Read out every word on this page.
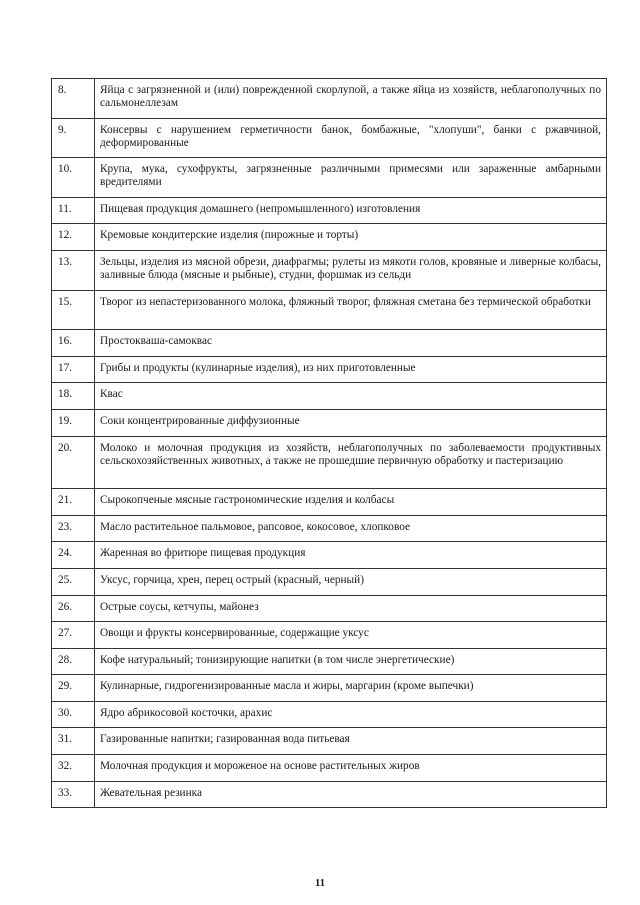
8.	Яйца с загрязненной и (или) поврежденной скорлупой, а также яйца из хозяйств, неблагополучных по сальмонеллезам
9.	Консервы с нарушением герметичности банок, бомбажные, "хлопуши", банки с ржавчиной, деформированные
10.	Крупа, мука, сухофрукты, загрязненные различными примесями или зараженные амбарными вредителями
11.	Пищевая продукция домашнего (непромышленного) изготовления
12.	Кремовые кондитерские изделия (пирожные и торты)
13.	Зельцы, изделия из мясной обрези, диафрагмы; рулеты из мякоти голов, кровяные и ливерные колбасы, заливные блюда (мясные и рыбные), студни, форшмак из сельди
15.	Творог из непастеризованного молока, фляжный творог, фляжная сметана без термической обработки
16.	Простокваша-самоквас
17.	Грибы и продукты (кулинарные изделия), из них приготовленные
18.	Квас
19.	Соки концентрированные диффузионные
20.	Молоко и молочная продукция из хозяйств, неблагополучных по заболеваемости продуктивных сельскохозяйственных животных, а также не прошедшие первичную обработку и пастеризацию
21.	Сырокопченые мясные гастрономические изделия и колбасы
23.	Масло растительное пальмовое, рапсовое, кокосовое, хлопковое
24.	Жаренная во фритюре пищевая продукция
25.	Уксус, горчица, хрен, перец острый (красный, черный)
26.	Острые соусы, кетчупы, майонез
27.	Овощи и фрукты консервированные, содержащие уксус
28.	Кофе натуральный; тонизирующие напитки (в том числе энергетические)
29.	Кулинарные, гидрогенизированные масла и жиры, маргарин (кроме выпечки)
30.	Ядро абрикосовой косточки, арахис
31.	Газированные напитки; газированная вода питьевая
32.	Молочная продукция и мороженое на основе растительных жиров
33.	Жевательная резинка
11
